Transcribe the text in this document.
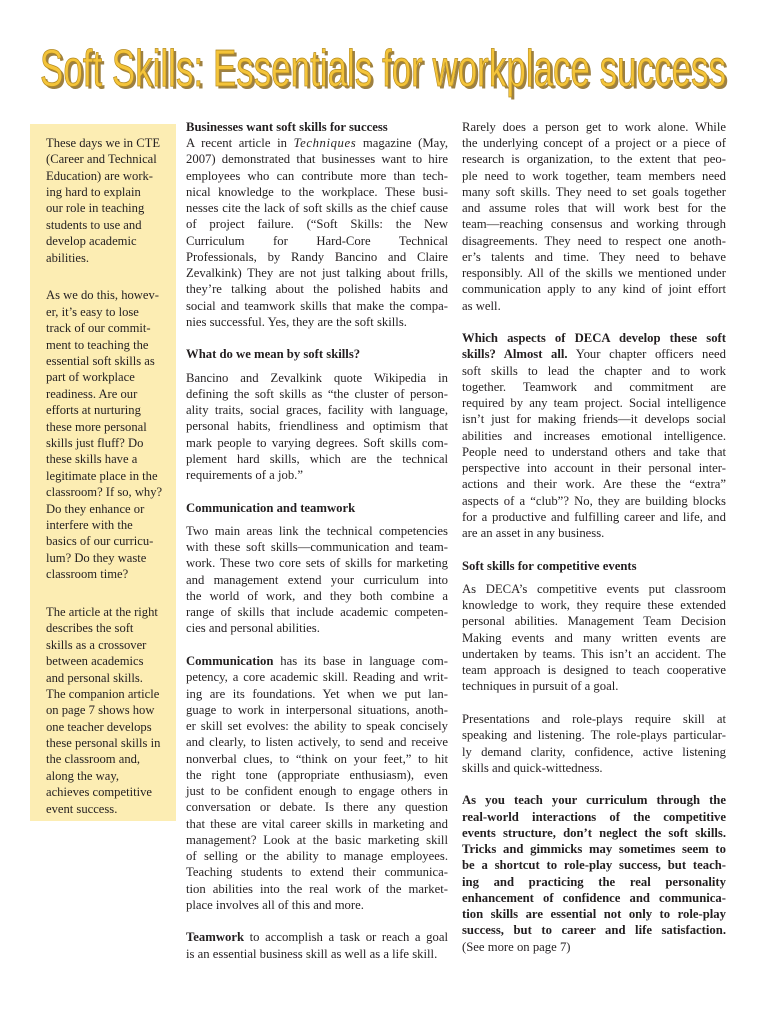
Soft Skills: Essentials for workplace success
Soft Skills: Essentials for workplace success
These days we in CTE
(Career and Technical
Education) are work-
ing hard to explain
our role in teaching
students to use and
develop academic
abilities.
As we do this, howev-
er, it’s easy to lose
track of our commit-
ment to teaching the
essential soft skills as
part of workplace
readiness. Are our
efforts at nurturing
these more personal
skills just fluff? Do
these skills have a
legitimate place in the
classroom? If so, why?
Do they enhance or
interfere with the
basics of our curricu-
lum? Do they waste
classroom time?
The article at the right
describes the soft
skills as a crossover
between academics
and personal skills.
The companion article
on page 7 shows how
one teacher develops
these personal skills in
the classroom and,
along the way,
achieves competitive
event success.
Businesses want soft skills for success
A recent article in Techniques magazine (May,
2007) demonstrated that businesses want to hire
employees who can contribute more than tech-
nical knowledge to the workplace. These busi-
nesses cite the lack of soft skills as the chief cause
of project failure. (“Soft Skills: the New
Curriculum for Hard-Core Technical
Professionals, by Randy Bancino and Claire
Zevalkink) They are not just talking about frills,
they’re talking about the polished habits and
social and teamwork skills that make the compa-
nies successful. Yes, they are the soft skills.
What do we mean by soft skills?
Bancino and Zevalkink quote Wikipedia in
defining the soft skills as “the cluster of person-
ality traits, social graces, facility with language,
personal habits, friendliness and optimism that
mark people to varying degrees. Soft skills com-
plement hard skills, which are the technical
requirements of a job.”
Communication and teamwork
Two main areas link the technical competencies
with these soft skills—communication and team-
work. These two core sets of skills for marketing
and management extend your curriculum into
the world of work, and they both combine a
range of skills that include academic competen-
cies and personal abilities.
Communication has its base in language com-
petency, a core academic skill. Reading and writ-
ing are its foundations. Yet when we put lan-
guage to work in interpersonal situations, anoth-
er skill set evolves: the ability to speak concisely
and clearly, to listen actively, to send and receive
nonverbal clues, to “think on your feet,” to hit
the right tone (appropriate enthusiasm), even
just to be confident enough to engage others in
conversation or debate. Is there any question
that these are vital career skills in marketing and
management? Look at the basic marketing skill
of selling or the ability to manage employees.
Teaching students to extend their communica-
tion abilities into the real work of the market-
place involves all of this and more.
Teamwork to accomplish a task or reach a goal
is an essential business skill as well as a life skill.
Rarely does a person get to work alone. While
the underlying concept of a project or a piece of
research is organization, to the extent that peo-
ple need to work together, team members need
many soft skills. They need to set goals together
and assume roles that will work best for the
team—reaching consensus and working through
disagreements. They need to respect one anoth-
er’s talents and time. They need to behave
responsibly. All of the skills we mentioned under
communication apply to any kind of joint effort
as well.
Which aspects of DECA develop these soft
skills? Almost all. Your chapter officers need
soft skills to lead the chapter and to work
together. Teamwork and commitment are
required by any team project. Social intelligence
isn’t just for making friends—it develops social
abilities and increases emotional intelligence.
People need to understand others and take that
perspective into account in their personal inter-
actions and their work. Are these the “extra”
aspects of a “club”? No, they are building blocks
for a productive and fulfilling career and life, and
are an asset in any business.
Soft skills for competitive events
As DECA’s competitive events put classroom
knowledge to work, they require these extended
personal abilities. Management Team Decision
Making events and many written events are
undertaken by teams. This isn’t an accident. The
team approach is designed to teach cooperative
techniques in pursuit of a goal.
Presentations and role-plays require skill at
speaking and listening. The role-plays particular-
ly demand clarity, confidence, active listening
skills and quick-wittedness.
As you teach your curriculum through the
real-world interactions of the competitive
events structure, don’t neglect the soft skills.
Tricks and gimmicks may sometimes seem to
be a shortcut to role-play success, but teach-
ing and practicing the real personality
enhancement of confidence and communica-
tion skills are essential not only to role-play
success, but to career and life satisfaction.
(See more on page 7)
